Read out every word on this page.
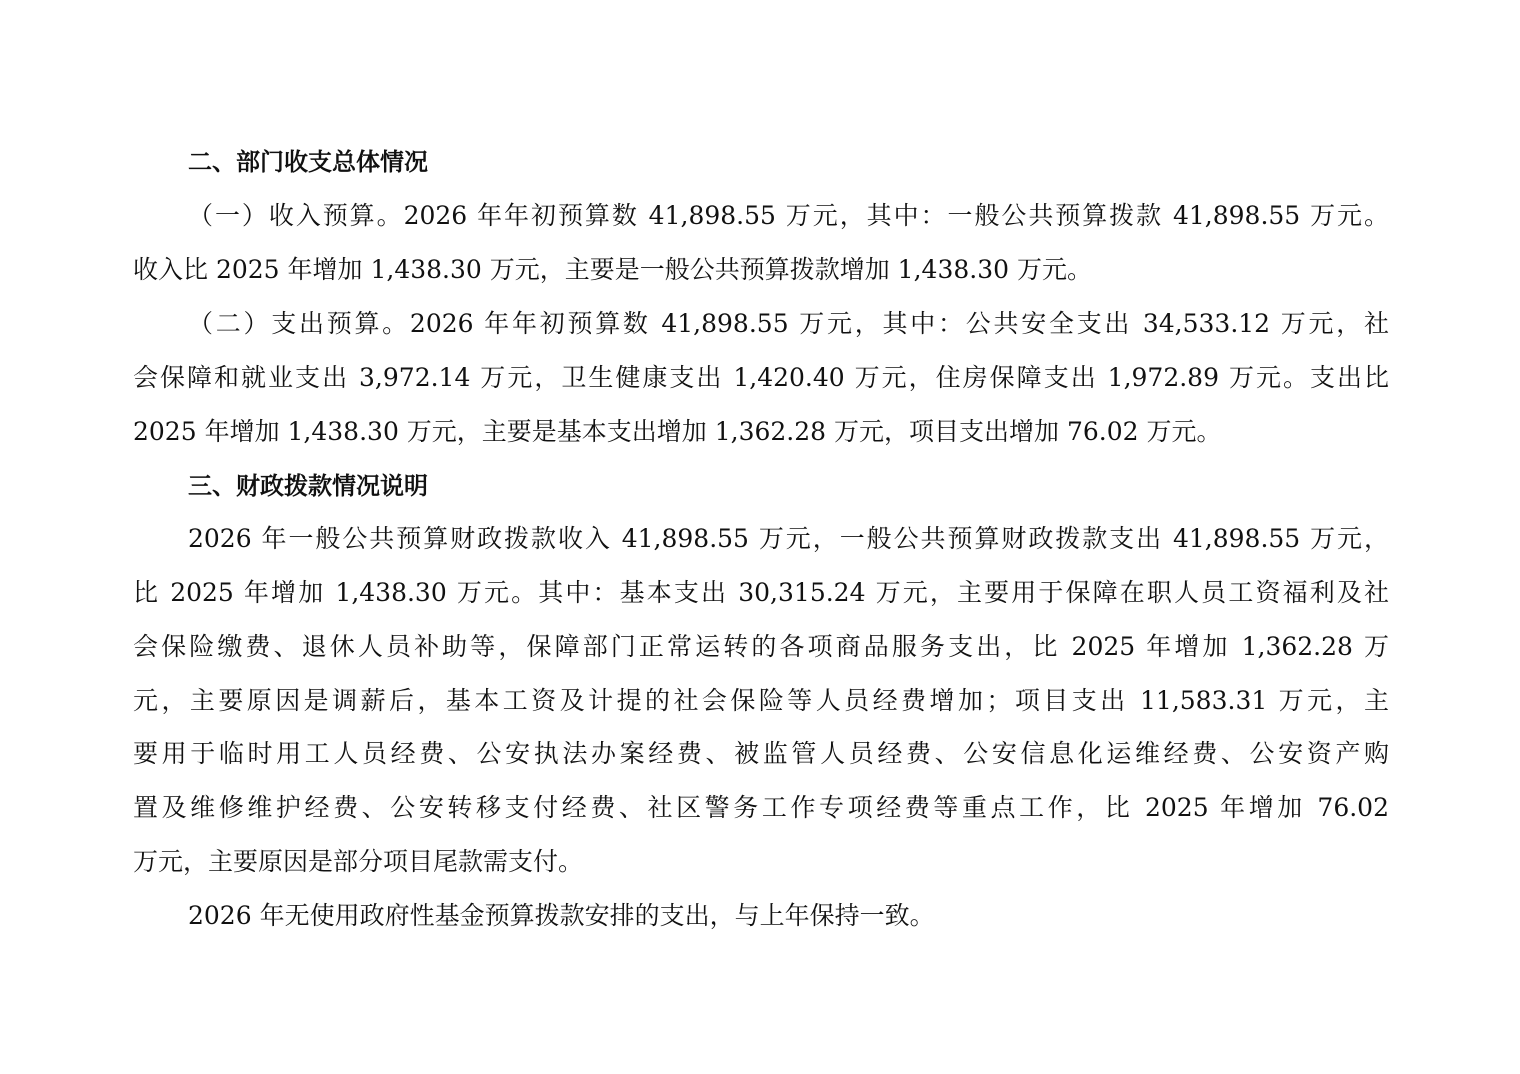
二、部门收支总体情况
（一）收入预算。2026 年年初预算数 41,898.55 万元，其中：一般公共预算拨款 41,898.55 万元。
收入比 2025 年增加 1,438.30 万元，主要是一般公共预算拨款增加 1,438.30 万元。
（二）支出预算。2026 年年初预算数 41,898.55 万元，其中：公共安全支出 34,533.12 万元，社
会保障和就业支出 3,972.14 万元，卫生健康支出 1,420.40 万元，住房保障支出 1,972.89 万元。支出比
2025 年增加 1,438.30 万元，主要是基本支出增加 1,362.28 万元，项目支出增加 76.02 万元。
三、财政拨款情况说明
2026 年一般公共预算财政拨款收入 41,898.55 万元，一般公共预算财政拨款支出 41,898.55 万元，
比 2025 年增加 1,438.30 万元。其中：基本支出 30,315.24 万元，主要用于保障在职人员工资福利及社
会保险缴费、退休人员补助等，保障部门正常运转的各项商品服务支出，比 2025 年增加 1,362.28 万
元，主要原因是调薪后，基本工资及计提的社会保险等人员经费增加；项目支出 11,583.31 万元，主
要用于临时用工人员经费、公安执法办案经费、被监管人员经费、公安信息化运维经费、公安资产购
置及维修维护经费、公安转移支付经费、社区警务工作专项经费等重点工作，比 2025 年增加 76.02
万元，主要原因是部分项目尾款需支付。
2026 年无使用政府性基金预算拨款安排的支出，与上年保持一致。
